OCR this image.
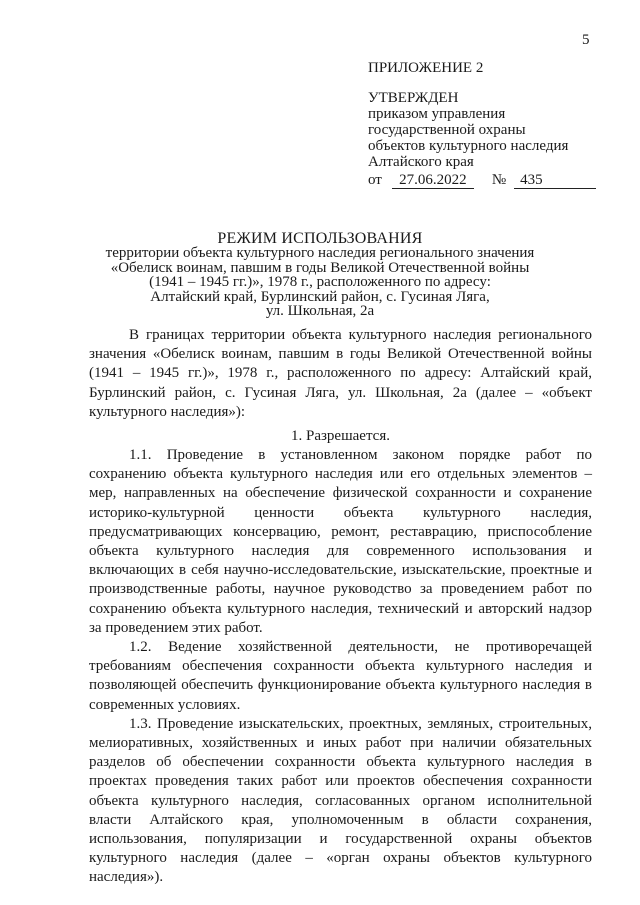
5
ПРИЛОЖЕНИЕ 2
УТВЕРЖДЕН
приказом управления
государственной охраны
объектов культурного наследия
Алтайского края
от 27.06.2022 № 435
РЕЖИМ ИСПОЛЬЗОВАНИЯ
территории объекта культурного наследия регионального значения
«Обелиск воинам, павшим в годы Великой Отечественной войны
(1941 – 1945 гг.)», 1978 г., расположенного по адресу:
Алтайский край, Бурлинский район, с. Гусиная Ляга,
ул. Школьная, 2а

В границах территории объекта культурного наследия регионального значения «Обелиск воинам, павшим в годы Великой Отечественной войны (1941 – 1945 гг.)», 1978 г., расположенного по адресу: Алтайский край, Бурлинский район, с. Гусиная Ляга, ул. Школьная, 2а (далее – «объект культурного наследия»):

1. Разрешается.

1.1. Проведение в установленном законом порядке работ по сохранению объекта культурного наследия или его отдельных элементов – мер, направленных на обеспечение физической сохранности и сохранение историко-культурной ценности объекта культурного наследия, предусматривающих консервацию, ремонт, реставрацию, приспособление объекта культурного наследия для современного использования и включающих в себя научно-исследовательские, изыскательские, проектные и производственные работы, научное руководство за проведением работ по сохранению объекта культурного наследия, технический и авторский надзор за проведением этих работ.

1.2. Ведение хозяйственной деятельности, не противоречащей требованиям обеспечения сохранности объекта культурного наследия и позволяющей обеспечить функционирование объекта культурного наследия в современных условиях.

1.3. Проведение изыскательских, проектных, земляных, строительных, мелиоративных, хозяйственных и иных работ при наличии обязательных разделов об обеспечении сохранности объекта культурного наследия в проектах проведения таких работ или проектов обеспечения сохранности объекта культурного наследия, согласованных органом исполнительной власти Алтайского края, уполномоченным в области сохранения, использования, популяризации и государственной охраны объектов культурного наследия (далее – «орган охраны объектов культурного наследия»).
